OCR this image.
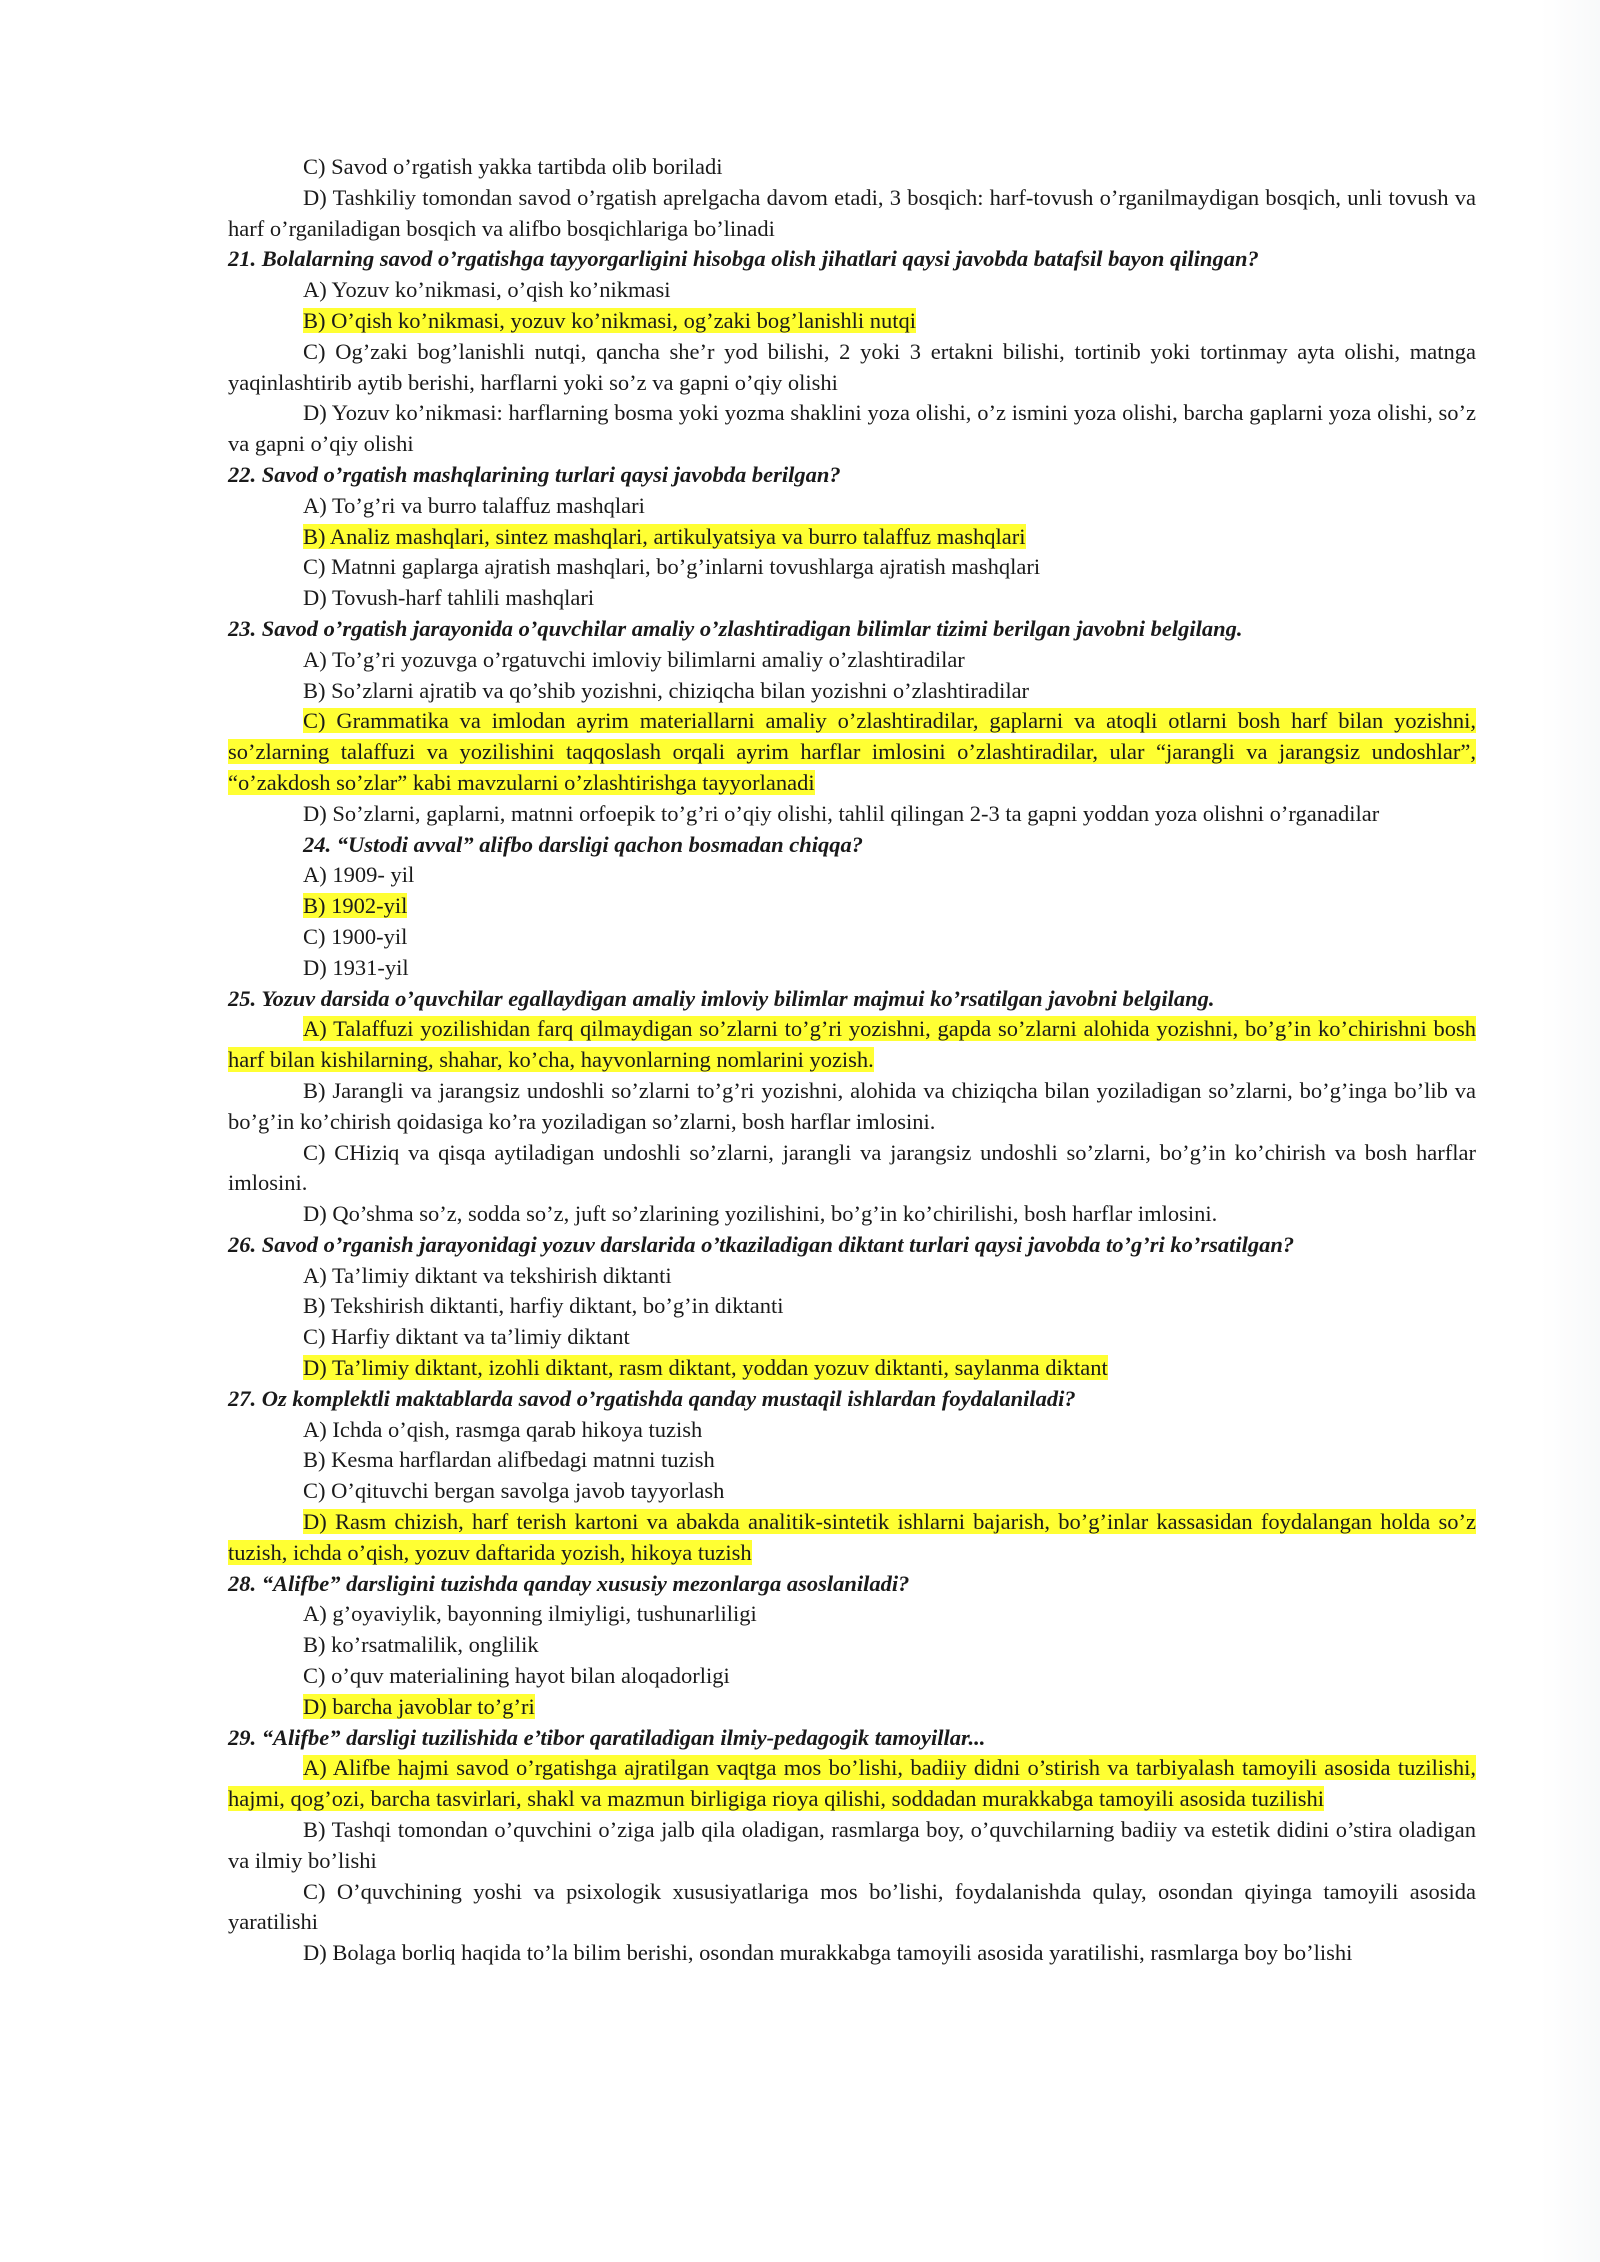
C) Savod o’rgatish yakka tartibda olib boriladi

D) Tashkiliy tomondan savod o’rgatish aprelgacha davom etadi, 3 bosqich: harf-tovush o’rganilmaydigan bosqich, unli tovush va harf o’rganiladigan bosqich va alifbo bosqichlariga bo’linadi

21. Bolalarning savod o’rgatishga tayyorgarligini hisobga olish jihatlari qaysi javobda batafsil bayon qilingan?

A) Yozuv ko’nikmasi, o’qish ko’nikmasi

B) O’qish ko’nikmasi, yozuv ko’nikmasi, og’zaki bog’lanishli nutqi

C) Og’zaki bog’lanishli nutqi, qancha she’r yod bilishi, 2 yoki 3 ertakni bilishi, tortinib yoki tortinmay ayta olishi, matnga yaqinlashtirib aytib berishi, harflarni yoki so’z va gapni o’qiy olishi

D) Yozuv ko’nikmasi: harflarning bosma yoki yozma shaklini yoza olishi, o’z ismini yoza olishi, barcha gaplarni yoza olishi, so’z va gapni o’qiy olishi

22. Savod o’rgatish mashqlarining turlari qaysi javobda berilgan?

A) To’g’ri va burro talaffuz mashqlari

B) Analiz mashqlari, sintez mashqlari, artikulyatsiya va burro talaffuz mashqlari

C) Matnni gaplarga ajratish mashqlari, bo’g’inlarni tovushlarga ajratish mashqlari

D) Tovush-harf tahlili mashqlari

23. Savod o’rgatish jarayonida o’quvchilar amaliy o’zlashtiradigan bilimlar tizimi berilgan javobni belgilang.

A) To’g’ri yozuvga o’rgatuvchi imloviy bilimlarni amaliy o’zlashtiradilar

B) So’zlarni ajratib va qo’shib yozishni, chiziqcha bilan yozishni o’zlashtiradilar

C) Grammatika va imlodan ayrim materiallarni amaliy o’zlashtiradilar, gaplarni va atoqli otlarni bosh harf bilan yozishni, so’zlarning talaffuzi va yozilishini taqqoslash orqali ayrim harflar imlosini o’zlashtiradilar, ular “jarangli va jarangsiz undoshlar”, “o’zakdosh so’zlar” kabi mavzularni o’zlashtirishga tayyorlanadi

D) So’zlarni, gaplarni, matnni orfoepik to’g’ri o’qiy olishi, tahlil qilingan 2-3 ta gapni yoddan yoza olishni o’rganadilar

24. “Ustodi avval” alifbo darsligi qachon bosmadan chiqqa?

A) 1909- yil

B) 1902-yil

C) 1900-yil

D) 1931-yil

25. Yozuv darsida o’quvchilar egallaydigan amaliy imloviy bilimlar majmui ko’rsatilgan javobni belgilang.

A) Talaffuzi yozilishidan farq qilmaydigan so’zlarni to’g’ri yozishni, gapda so’zlarni alohida yozishni, bo’g’in ko’chirishni bosh harf bilan kishilarning, shahar, ko’cha, hayvonlarning nomlarini yozish.

B) Jarangli va jarangsiz undoshli so’zlarni to’g’ri yozishni, alohida va chiziqcha bilan yoziladigan so’zlarni, bo’g’inga bo’lib va bo’g’in ko’chirish qoidasiga ko’ra yoziladigan so’zlarni, bosh harflar imlosini.

C) CHiziq va qisqa aytiladigan undoshli so’zlarni, jarangli va jarangsiz undoshli so’zlarni, bo’g’in ko’chirish va bosh harflar imlosini.

D) Qo’shma so’z, sodda so’z, juft so’zlarining yozilishini, bo’g’in ko’chirilishi, bosh harflar imlosini.

26. Savod o’rganish jarayonidagi yozuv darslarida o’tkaziladigan diktant turlari qaysi javobda to’g’ri ko’rsatilgan?

A) Ta’limiy diktant va tekshirish diktanti

B) Tekshirish diktanti, harfiy diktant, bo’g’in diktanti

C) Harfiy diktant va ta’limiy diktant

D) Ta’limiy diktant, izohli diktant, rasm diktant, yoddan yozuv diktanti, saylanma diktant

27. Oz komplektli maktablarda savod o’rgatishda qanday mustaqil ishlardan foydalaniladi?

A) Ichda o’qish, rasmga qarab hikoya tuzish

B) Kesma harflardan alifbedagi matnni tuzish

C) O’qituvchi bergan savolga javob tayyorlash

D) Rasm chizish, harf terish kartoni va abakda analitik-sintetik ishlarni bajarish, bo’g’inlar kassasidan foydalangan holda so’z tuzish, ichda o’qish, yozuv daftarida yozish, hikoya tuzish

28. “Alifbe” darsligini tuzishda qanday xususiy mezonlarga asoslaniladi?

A) g’oyaviylik, bayonning ilmiyligi, tushunarliligi

B) ko’rsatmalilik, onglilik

C) o’quv materialining hayot bilan aloqadorligi

D) barcha javoblar to’g’ri

29. “Alifbe” darsligi tuzilishida e’tibor qaratiladigan ilmiy-pedagogik tamoyillar...

A) Alifbe hajmi savod o’rgatishga ajratilgan vaqtga mos bo’lishi, badiiy didni o’stirish va tarbiyalash tamoyili asosida tuzilishi, hajmi, qog’ozi, barcha tasvirlari, shakl va mazmun birligiga rioya qilishi, soddadan murakkabga tamoyili asosida tuzilishi

B) Tashqi tomondan o’quvchini o’ziga jalb qila oladigan, rasmlarga boy, o’quvchilarning badiiy va estetik didini o’stira oladigan va ilmiy bo’lishi

C) O’quvchining yoshi va psixologik xususiyatlariga mos bo’lishi, foydalanishda qulay, osondan qiyinga tamoyili asosida yaratilishi

D) Bolaga borliq haqida to’la bilim berishi, osondan murakkabga tamoyili asosida yaratilishi, rasmlarga boy bo’lishi
